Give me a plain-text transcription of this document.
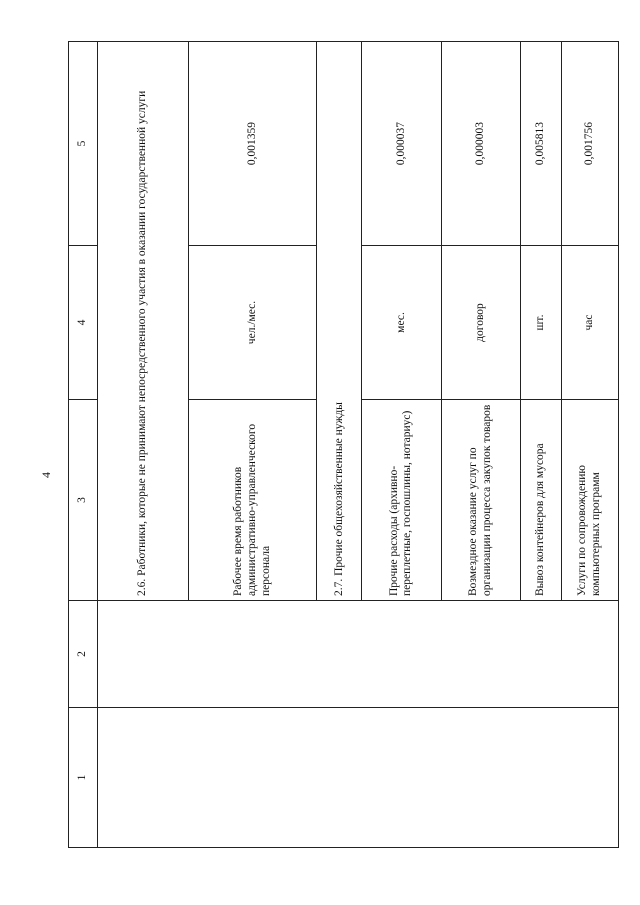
4
1	2	3	4	5
		2.6. Работники, которые не принимают непосредственного участия в оказании государственной услуги		
		Рабочее время работников административно-управленческого персонала	чел./мес.	0,001359
		2.7. Прочие общехозяйственные нужды		
		Прочие расходы (архивно-переплетные, госпошлины, нотариус)	мес.	0,000037
		Возмездное оказание услуг по организации процесса закупок товаров	договор	0,000003
		Вывоз контейнеров для мусора	шт.	0,005813
		Услуги по сопровождению компьютерных программ	час	0,001756
